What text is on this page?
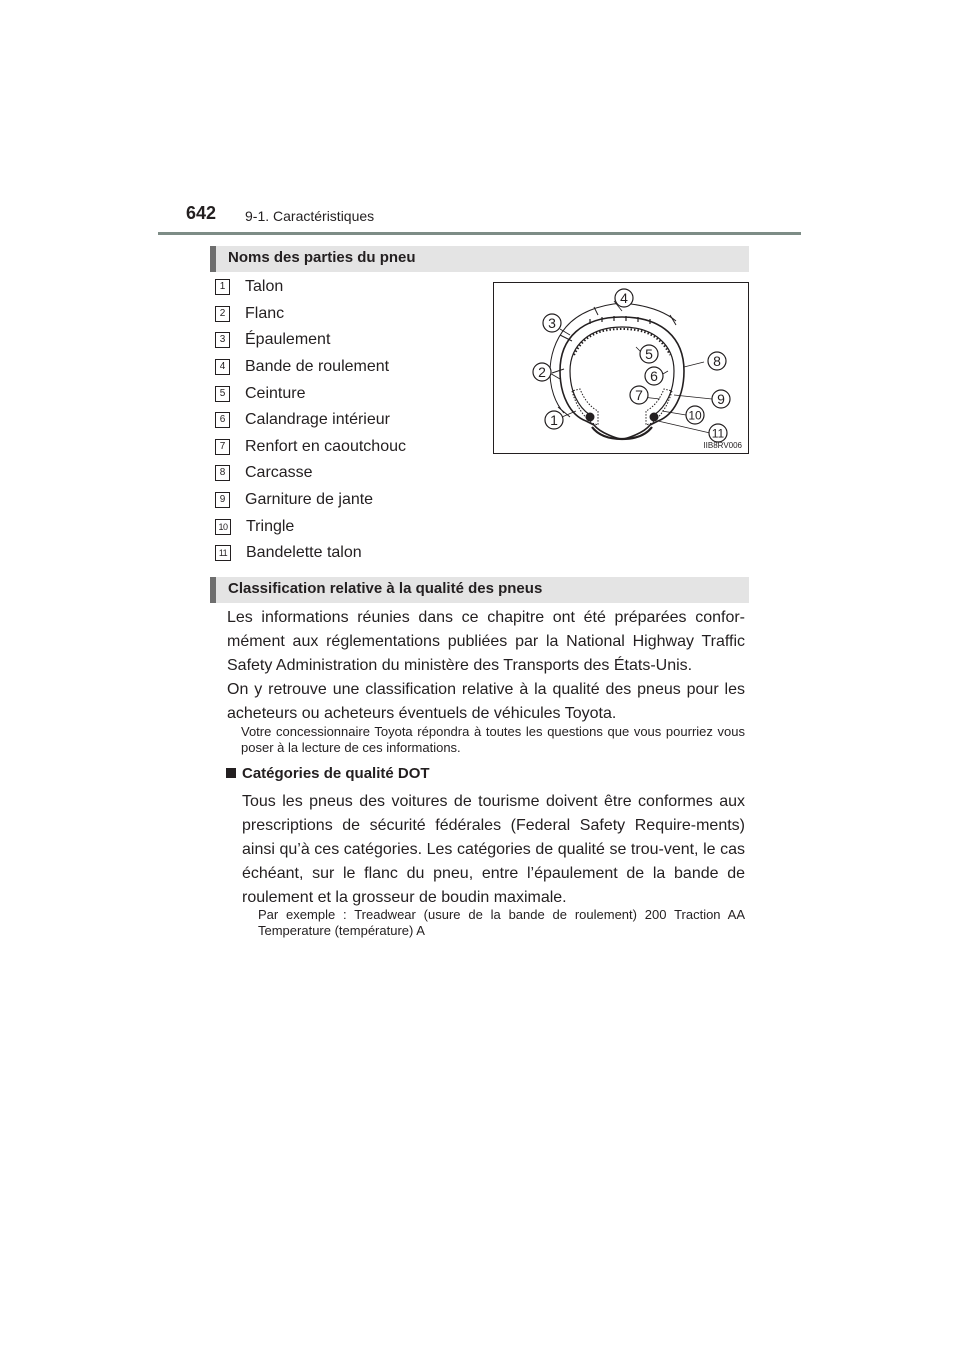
642 9-1. Caractéristiques
Noms des parties du pneu
1 Talon
2 Flanc
3 Épaulement
4 Bande de roulement
5 Ceinture
6 Calandrage intérieur
7 Renfort en caoutchouc
8 Carcasse
9 Garniture de jante
10 Tringle
11 Bandelette talon
1
2
3
4
5
6
7
8
9
10
11
IIB8RV006
Classification relative à la qualité des pneus

Les informations réunies dans ce chapitre ont été préparées confor-mément aux réglementations publiées par la National Highway Traffic Safety Administration du ministère des Transports des États-Unis.

On y retrouve une classification relative à la qualité des pneus pour les acheteurs ou acheteurs éventuels de véhicules Toyota.

Votre concessionnaire Toyota répondra à toutes les questions que vous pourriez vous poser à la lecture de ces informations.
Catégories de qualité DOT

Tous les pneus des voitures de tourisme doivent être conformes aux prescriptions de sécurité fédérales (Federal Safety Require-ments) ainsi qu’à ces catégories. Les catégories de qualité se trou-vent, le cas échéant, sur le flanc du pneu, entre l’épaulement de la bande de roulement et la grosseur de boudin maximale.

Par exemple : Treadwear (usure de la bande de roulement) 200 Traction AA Temperature (température) A
